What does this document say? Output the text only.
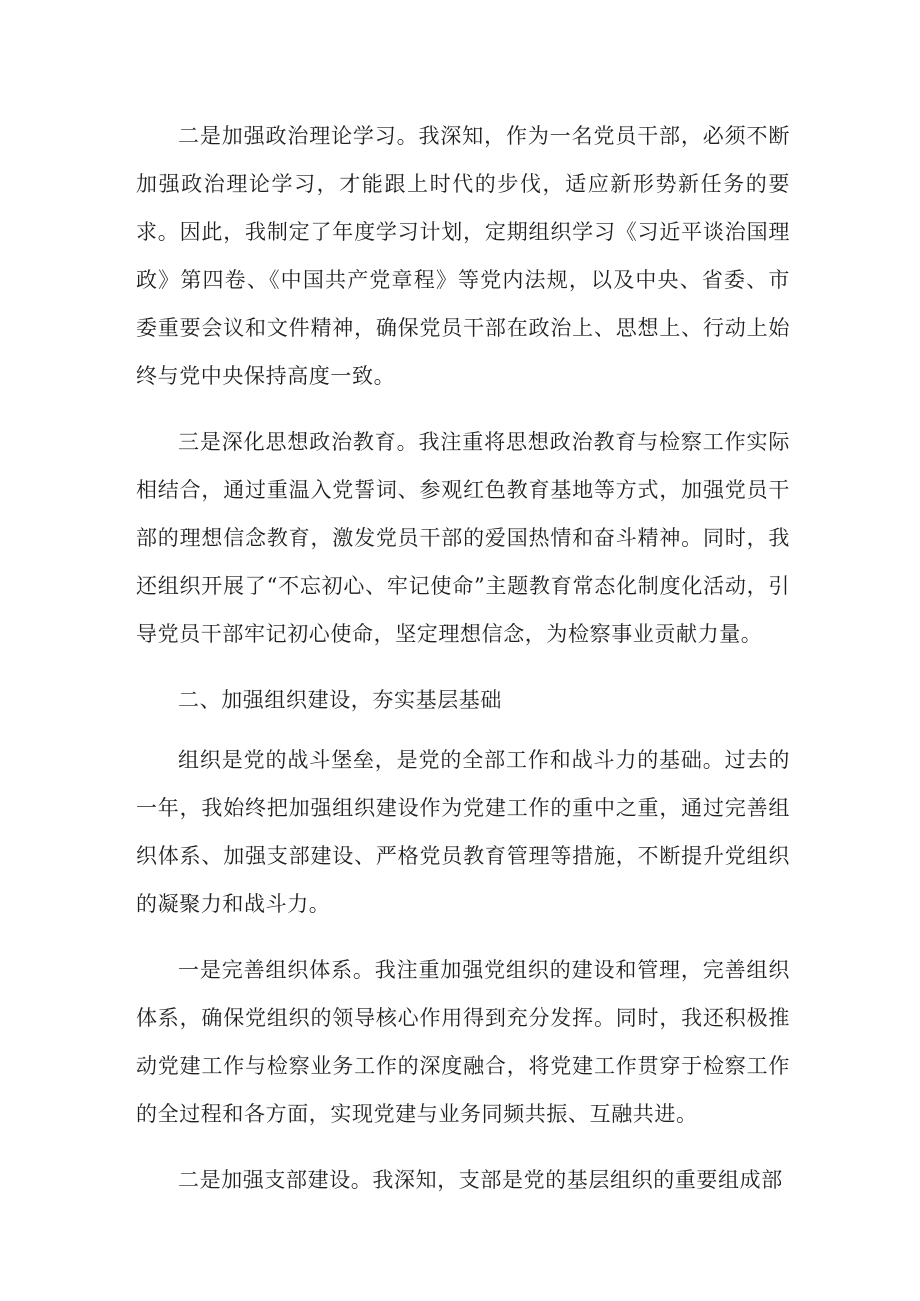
二是加强政治理论学习。我深知，作为一名党员干部，必须不断加强政治理论学习，才能跟上时代的步伐，适应新形势新任务的要求。因此，我制定了年度学习计划，定期组织学习《习近平谈治国理政》第四卷、《中国共产党章程》等党内法规，以及中央、省委、市委重要会议和文件精神，确保党员干部在政治上、思想上、行动上始终与党中央保持高度一致。

三是深化思想政治教育。我注重将思想政治教育与检察工作实际相结合，通过重温入党誓词、参观红色教育基地等方式，加强党员干部的理想信念教育，激发党员干部的爱国热情和奋斗精神。同时，我还组织开展了“不忘初心、牢记使命”主题教育常态化制度化活动，引导党员干部牢记初心使命，坚定理想信念，为检察事业贡献力量。

二、加强组织建设，夯实基层基础

组织是党的战斗堡垒，是党的全部工作和战斗力的基础。过去的一年，我始终把加强组织建设作为党建工作的重中之重，通过完善组织体系、加强支部建设、严格党员教育管理等措施，不断提升党组织的凝聚力和战斗力。

一是完善组织体系。我注重加强党组织的建设和管理，完善组织体系，确保党组织的领导核心作用得到充分发挥。同时，我还积极推动党建工作与检察业务工作的深度融合，将党建工作贯穿于检察工作的全过程和各方面，实现党建与业务同频共振、互融共进。

二是加强支部建设。我深知，支部是党的基层组织的重要组成部
